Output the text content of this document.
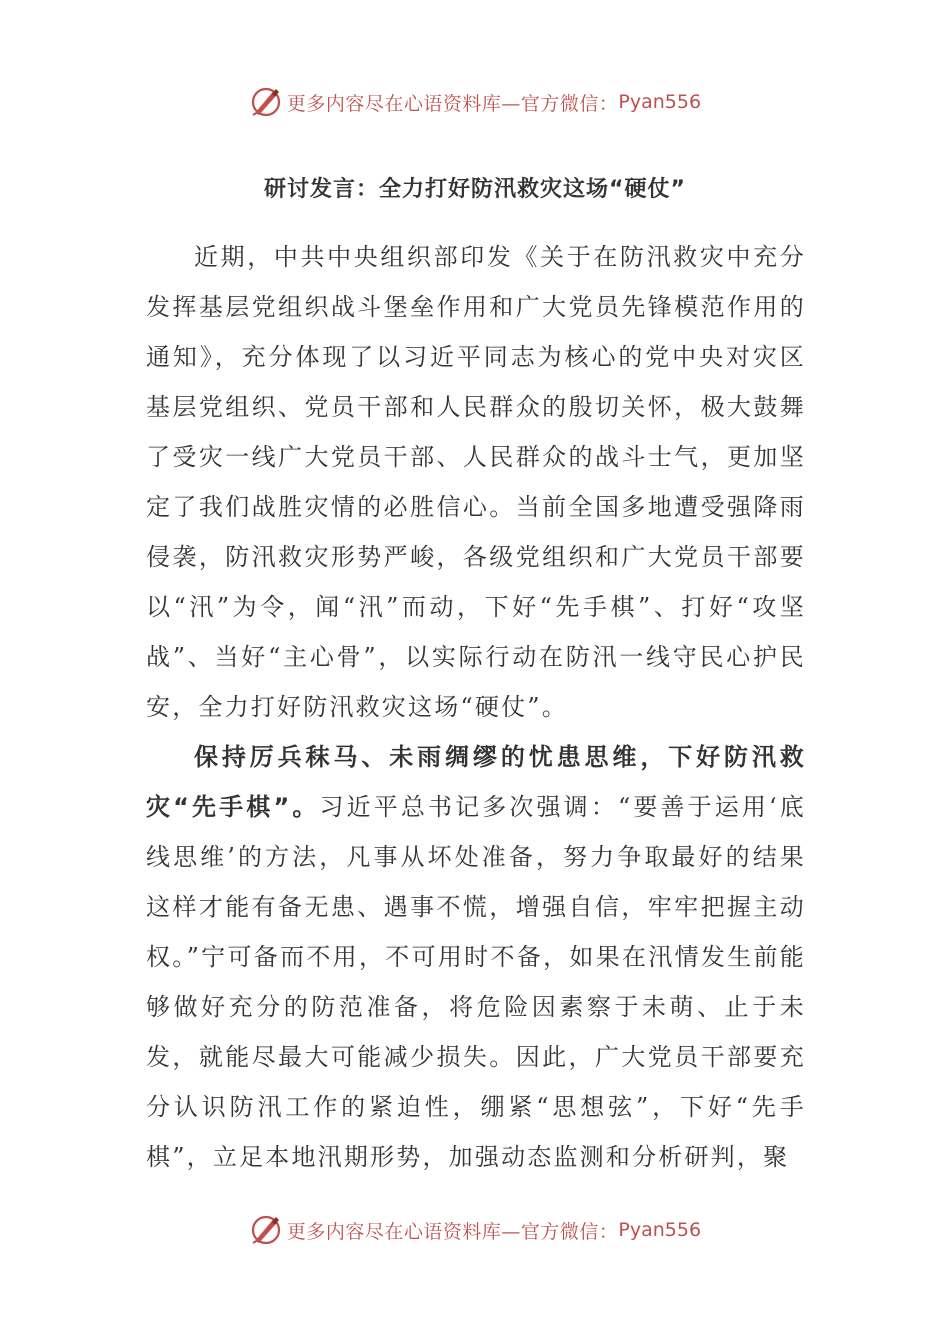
更多内容尽在心语资料库—官方微信： Pyan556
研讨发言：全力打好防汛救灾这场“硬仗”

近期，中共中央组织部印发《关于在防汛救灾中充分发挥基层党组织战斗堡垒作用和广大党员先锋模范作用的通知》，充分体现了以习近平同志为核心的党中央对灾区基层党组织、党员干部和人民群众的殷切关怀，极大鼓舞了受灾一线广大党员干部、人民群众的战斗士气，更加坚定了我们战胜灾情的必胜信心。当前全国多地遭受强降雨侵袭，防汛救灾形势严峻，各级党组织和广大党员干部要以“汛”为令，闻“汛”而动，下好“先手棋”、打好“攻坚战”、当好“主心骨”，以实际行动在防汛一线守民心护民安，全力打好防汛救灾这场“硬仗”。

保持厉兵秣马、未雨绸缪的忧患思维，下好防汛救灾“先手棋”。习近平总书记多次强调：“要善于运用‘底线思维’的方法，凡事从坏处准备，努力争取最好的结果这样才能有备无患、遇事不慌，增强自信，牢牢把握主动权。”宁可备而不用，不可用时不备，如果在汛情发生前能够做好充分的防范准备，将危险因素察于未萌、止于未发，就能尽最大可能减少损失。因此，广大党员干部要充分认识防汛工作的紧迫性，绷紧“思想弦”，下好“先手棋”，立足本地汛期形势，加强动态监测和分析研判，聚

更多内容尽在心语资料库—官方微信： Pyan556
